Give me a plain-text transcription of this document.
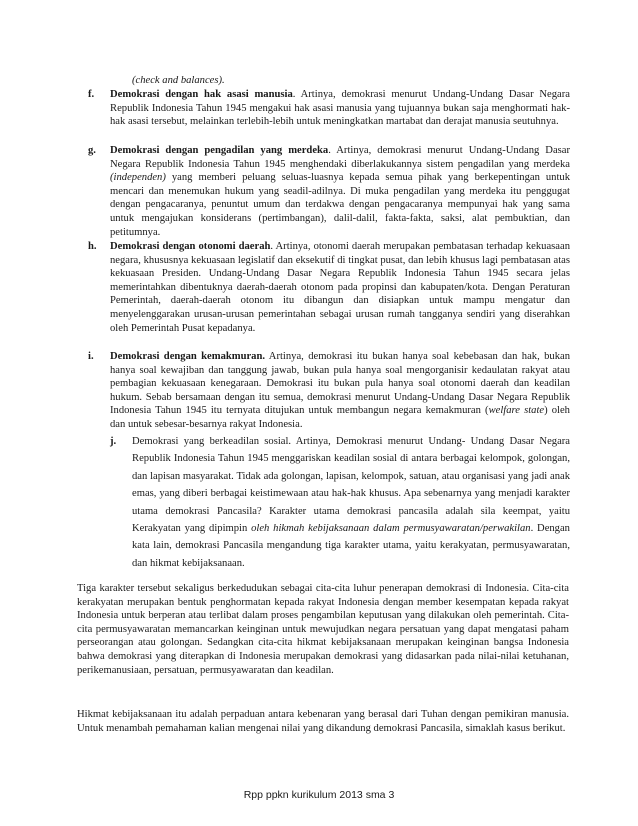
(check and balances).
f. Demokrasi dengan hak asasi manusia. Artinya, demokrasi menurut Undang-Undang Dasar Negara Republik Indonesia Tahun 1945 mengakui hak asasi manusia yang tujuannya bukan saja menghormati hak-hak asasi tersebut, melainkan terlebih-lebih untuk meningkatkan martabat dan derajat manusia seutuhnya.

g. Demokrasi dengan pengadilan yang merdeka. Artinya, demokrasi menurut Undang-Undang Dasar Negara Republik Indonesia Tahun 1945 menghendaki diberlakukannya sistem pengadilan yang merdeka (independen) yang memberi peluang seluas-luasnya kepada semua pihak yang berkepentingan untuk mencari dan menemukan hukum yang seadil-adilnya. Di muka pengadilan yang merdeka itu penggugat dengan pengacaranya, penuntut umum dan terdakwa dengan pengacaranya mempunyai hak yang sama untuk mengajukan konsiderans (pertimbangan), dalil-dalil, fakta-fakta, saksi, alat pembuktian, dan petitumnya.

h. Demokrasi dengan otonomi daerah. Artinya, otonomi daerah merupakan pembatasan terhadap kekuasaan negara, khususnya kekuasaan legislatif dan eksekutif di tingkat pusat, dan lebih khusus lagi pembatasan atas kekuasaan Presiden. Undang-Undang Dasar Negara Republik Indonesia Tahun 1945 secara jelas memerintahkan dibentuknya daerah-daerah otonom pada propinsi dan kabupaten/kota. Dengan Peraturan Pemerintah, daerah-daerah otonom itu dibangun dan disiapkan untuk mampu mengatur dan menyelenggarakan urusan-urusan pemerintahan sebagai urusan rumah tangganya sendiri yang diserahkan oleh Pemerintah Pusat kepadanya.

i. Demokrasi dengan kemakmuran. Artinya, demokrasi itu bukan hanya soal kebebasan dan hak, bukan hanya soal kewajiban dan tanggung jawab, bukan pula hanya soal mengorganisir kedaulatan rakyat atau pembagian kekuasaan kenegaraan. Demokrasi itu bukan pula hanya soal otonomi daerah dan keadilan hukum. Sebab bersamaan dengan itu semua, demokrasi menurut Undang-Undang Dasar Negara Republik Indonesia Tahun 1945 itu ternyata ditujukan untuk membangun negara kemakmuran (welfare state) oleh dan untuk sebesar-besarnya rakyat Indonesia.

j.	Demokrasi yang berkeadilan sosial. Artinya, Demokrasi menurut Undang- Undang Dasar Negara Republik Indonesia Tahun 1945 menggariskan keadilan sosial di antara berbagai kelompok, golongan, dan lapisan masyarakat. Tidak ada golongan, lapisan, kelompok, satuan, atau organisasi yang jadi anak emas, yang diberi berbagai keistimewaan atau hak-hak khusus. Apa sebenarnya yang menjadi karakter utama demokrasi Pancasila? Karakter utama demokrasi pancasila adalah sila keempat, yaitu Kerakyatan yang dipimpin oleh hikmah kebijaksanaan dalam permusyawaratan/perwakilan. Dengan kata lain, demokrasi Pancasila mengandung tiga karakter utama, yaitu kerakyatan, permusyawaratan, dan hikmat kebijaksanaan.

Tiga karakter tersebut sekaligus berkedudukan sebagai cita-cita luhur penerapan demokrasi di Indonesia. Cita-cita kerakyatan merupakan bentuk penghormatan kepada rakyat Indonesia dengan member kesempatan kepada rakyat Indonesia untuk berperan atau terlibat dalam proses pengambilan keputusan yang dilakukan oleh pemerintah. Cita- cita permusyawaratan memancarkan keinginan untuk mewujudkan negara persatuan yang dapat mengatasi paham perseorangan atau golongan. Sedangkan cita-cita hikmat kebijaksanaan merupakan keinginan bangsa Indonesia bahwa demokrasi yang diterapkan di Indonesia merupakan demokrasi yang didasarkan pada nilai-nilai ketuhanan, perikemanusiaan, persatuan, permusyawaratan dan keadilan.

Hikmat kebijaksanaan itu adalah perpaduan antara kebenaran yang berasal dari Tuhan dengan pemikiran manusia. Untuk menambah pemahaman kalian mengenai nilai yang dikandung demokrasi Pancasila, simaklah kasus berikut.

Rpp ppkn kurikulum 2013 sma 3
